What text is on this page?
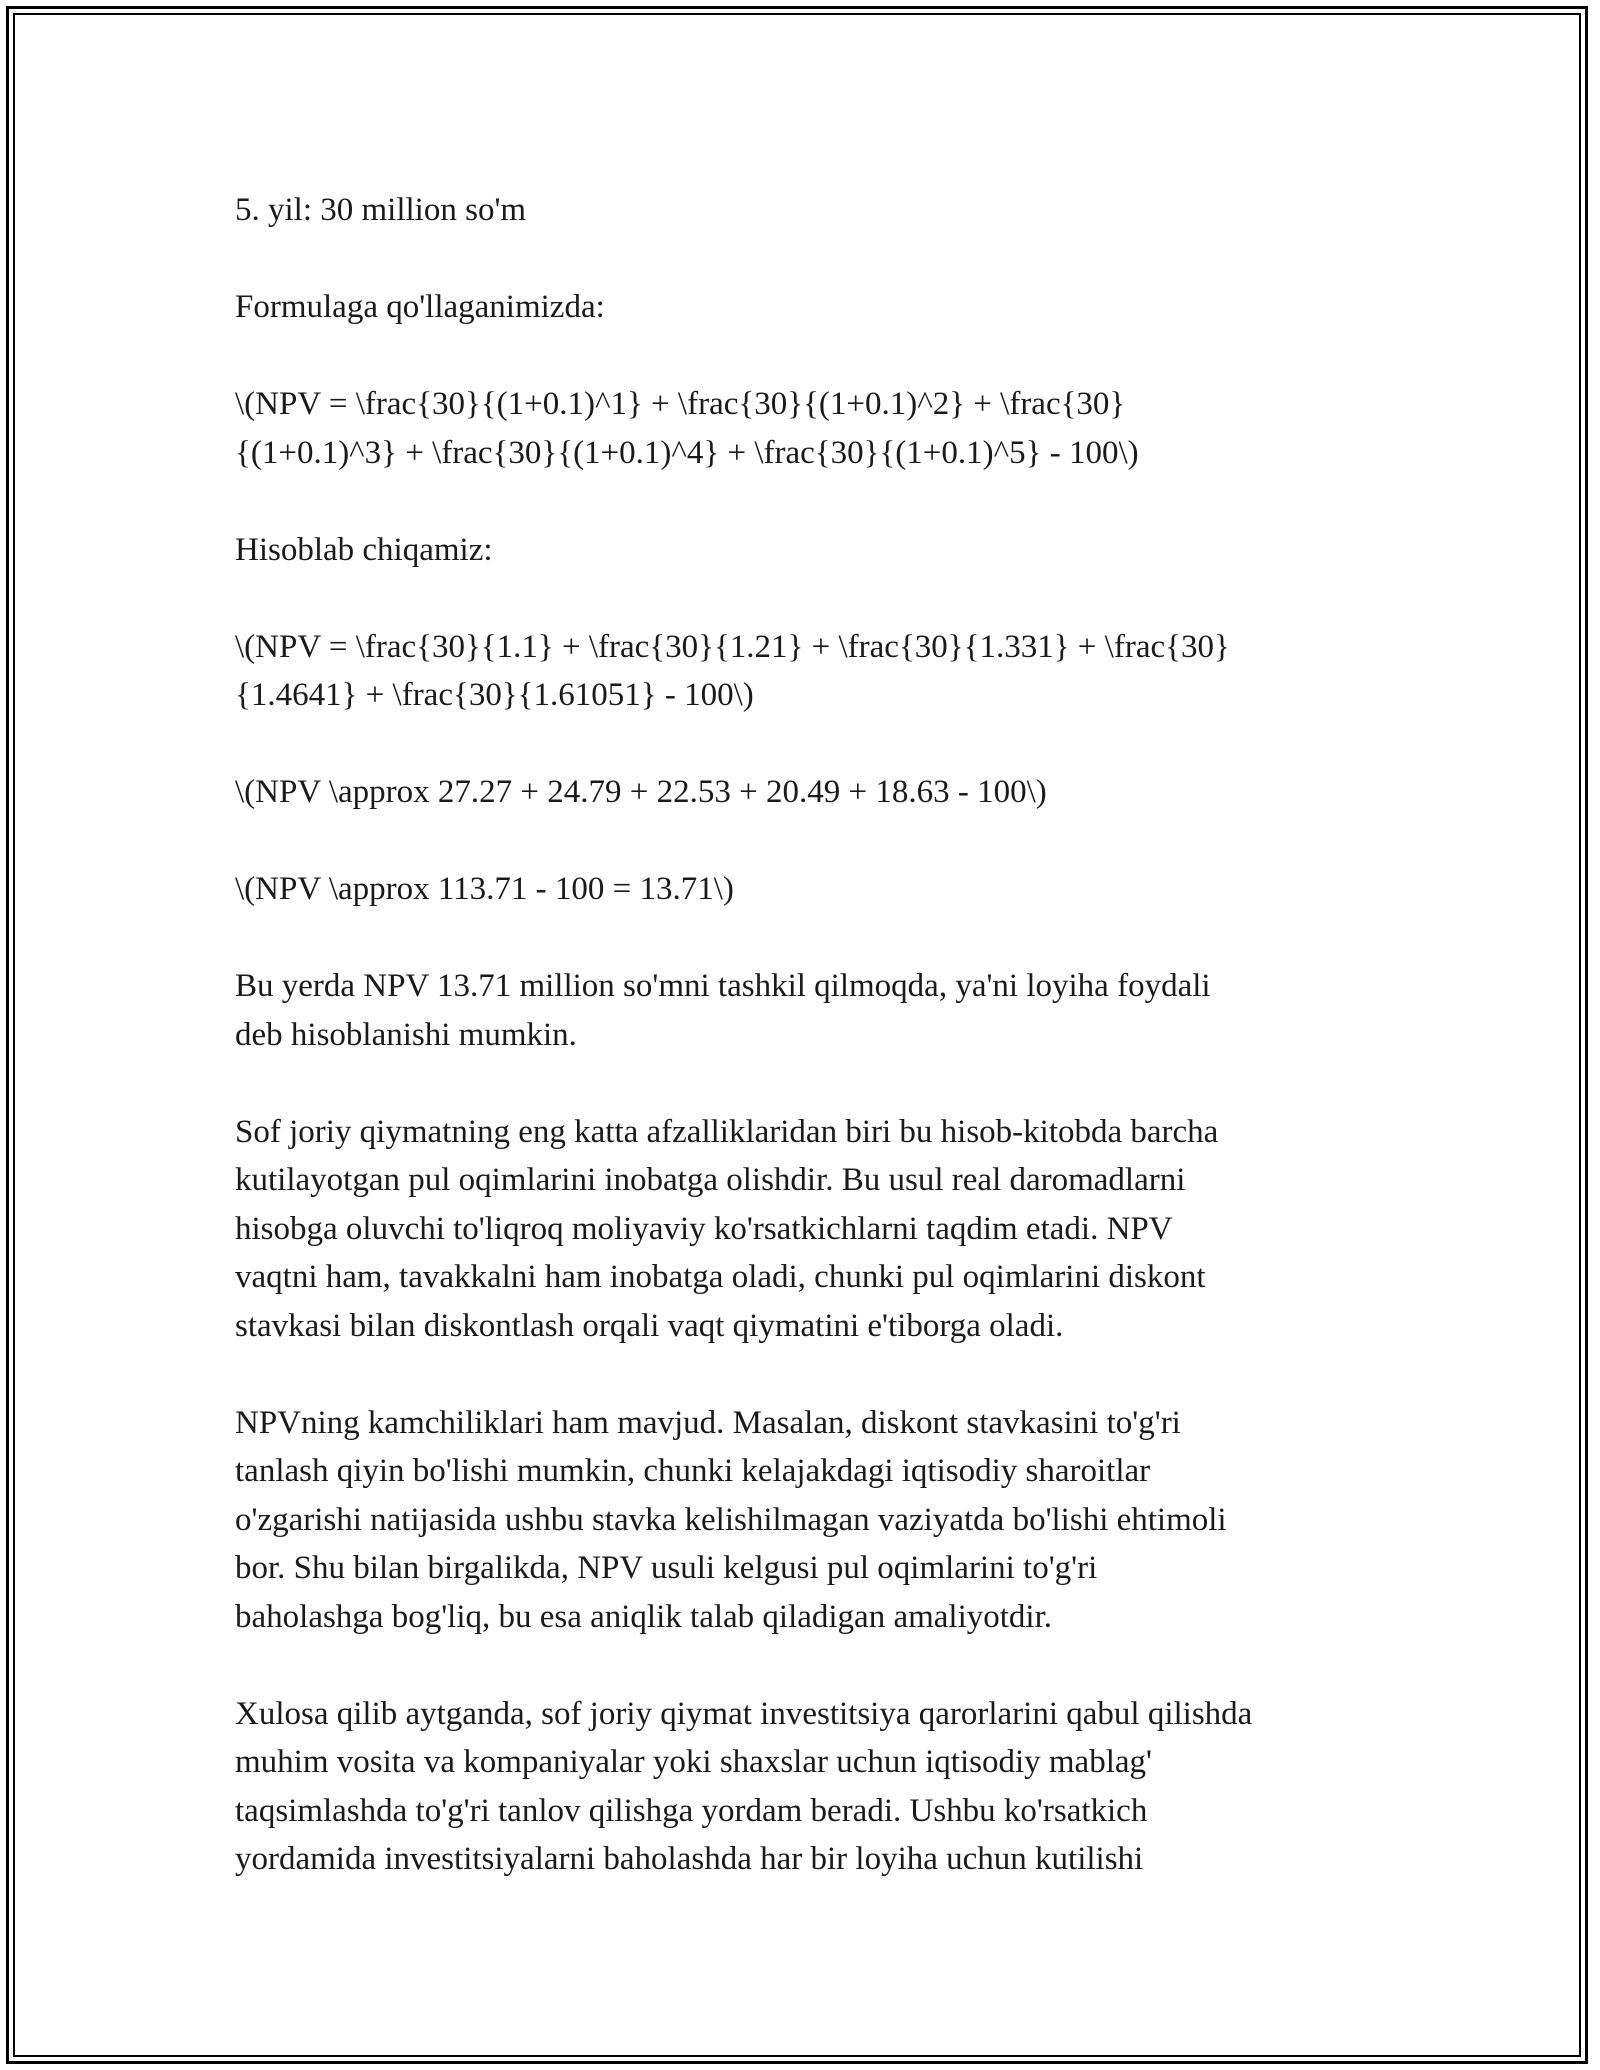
5. yil: 30 million so'm

Formulaga qo'llaganimizda:

\(NPV = \frac{30}{(1+0.1)^1} + \frac{30}{(1+0.1)^2} + \frac{30}
{(1+0.1)^3} + \frac{30}{(1+0.1)^4} + \frac{30}{(1+0.1)^5} - 100\)

Hisoblab chiqamiz:

\(NPV = \frac{30}{1.1} + \frac{30}{1.21} + \frac{30}{1.331} + \frac{30}
{1.4641} + \frac{30}{1.61051} - 100\)

\(NPV \approx 27.27 + 24.79 + 22.53 + 20.49 + 18.63 - 100\)

\(NPV \approx 113.71 - 100 = 13.71\)

Bu yerda NPV 13.71 million so'mni tashkil qilmoqda, ya'ni loyiha foydali
deb hisoblanishi mumkin.

Sof joriy qiymatning eng katta afzalliklaridan biri bu hisob-kitobda barcha
kutilayotgan pul oqimlarini inobatga olishdir. Bu usul real daromadlarni
hisobga oluvchi to'liqroq moliyaviy ko'rsatkichlarni taqdim etadi. NPV
vaqtni ham, tavakkalni ham inobatga oladi, chunki pul oqimlarini diskont
stavkasi bilan diskontlash orqali vaqt qiymatini e'tiborga oladi.

NPVning kamchiliklari ham mavjud. Masalan, diskont stavkasini to'g'ri
tanlash qiyin bo'lishi mumkin, chunki kelajakdagi iqtisodiy sharoitlar
o'zgarishi natijasida ushbu stavka kelishilmagan vaziyatda bo'lishi ehtimoli
bor. Shu bilan birgalikda, NPV usuli kelgusi pul oqimlarini to'g'ri
baholashga bog'liq, bu esa aniqlik talab qiladigan amaliyotdir.

Xulosa qilib aytganda, sof joriy qiymat investitsiya qarorlarini qabul qilishda
muhim vosita va kompaniyalar yoki shaxslar uchun iqtisodiy mablag'
taqsimlashda to'g'ri tanlov qilishga yordam beradi. Ushbu ko'rsatkich
yordamida investitsiyalarni baholashda har bir loyiha uchun kutilishi
